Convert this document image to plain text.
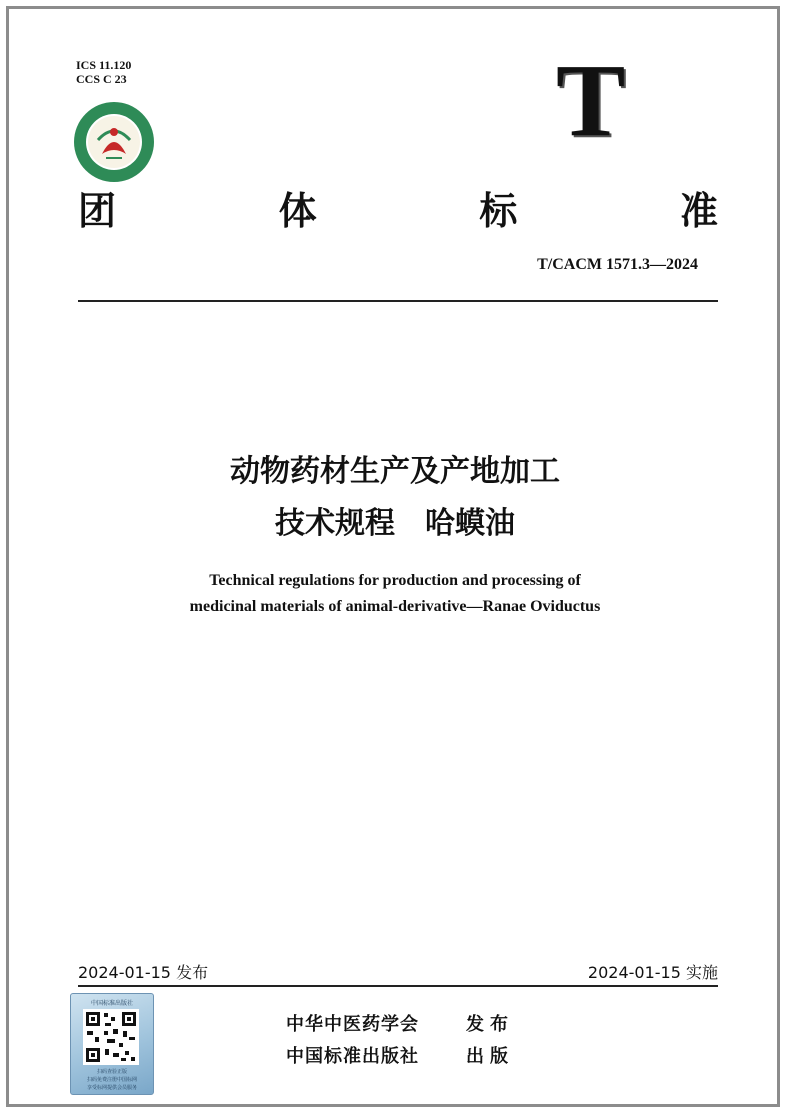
ICS 11.120
CCS C 23	T
团	体	标	准
T/CACM 1571.3—2024
动物药材生产及产地加工
技术规程　哈蟆油
Technical regulations for production and processing of
medicinal materials of animal-derivative—Ranae Oviductus
2024-01-15 发布	2024-01-15 实施
中国标准出版社
扫码查验正版
扫码免费注册中国标网
享受标网提供会员服务
中华中医药学会	发布
中国标准出版社	出版
